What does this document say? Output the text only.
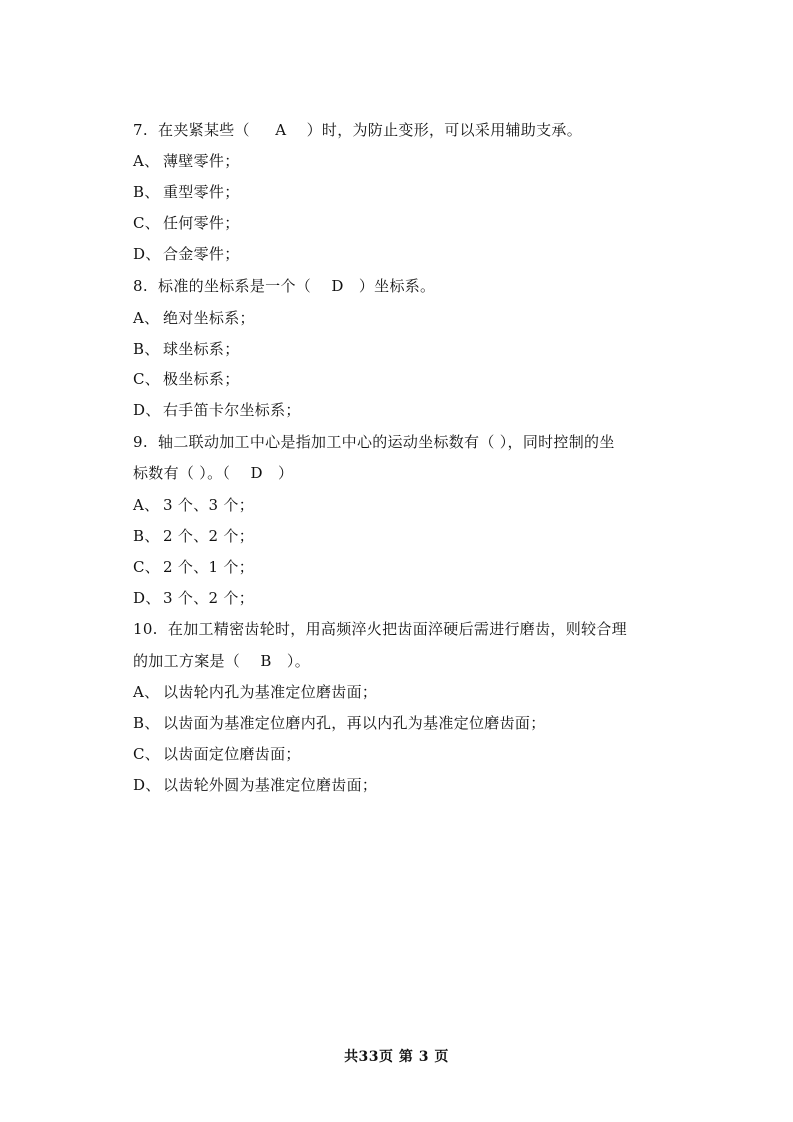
7.  在夹紧某些（     A    ）时，为防止变形，可以采用辅助支承。
A、 薄壁零件；
B、 重型零件；
C、 任何零件；
D、 合金零件；
8.  标准的坐标系是一个（    D   ）坐标系。
A、 绝对坐标系；
B、 球坐标系；
C、 极坐标系；
D、 右手笛卡尔坐标系；
9.  轴二联动加工中心是指加工中心的运动坐标数有（ ），同时控制的坐
标数有（ ）。（    D   ）
A、 3 个、3 个；
B、 2 个、2 个；
C、 2 个、1 个；
D、 3 个、2 个；
10.  在加工精密齿轮时，用高频淬火把齿面淬硬后需进行磨齿，则较合理
的加工方案是（    B   ）。
A、 以齿轮内孔为基准定位磨齿面；
B、 以齿面为基准定位磨内孔，再以内孔为基准定位磨齿面；
C、 以齿面定位磨齿面；
D、 以齿轮外圆为基准定位磨齿面；
共33页 第 3 页
